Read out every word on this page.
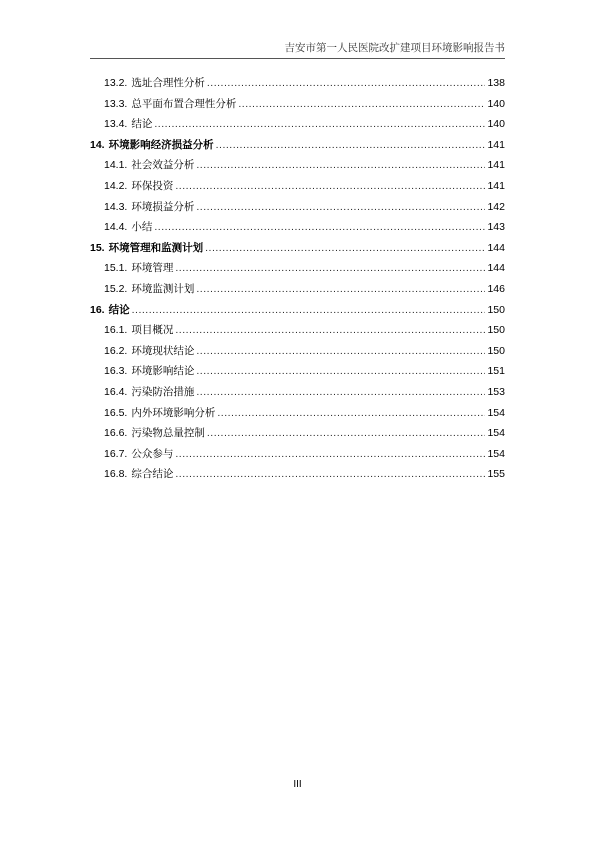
吉安市第一人民医院改扩建项目环境影响报告书
13.2. 选址合理性分析 .....	138
13.3. 总平面布置合理性分析 .....	140
13.4. 结论 .....	140
14. 环境影响经济损益分析 .....	141
14.1. 社会效益分析 .....	141
14.2. 环保投资 .....	141
14.3. 环境损益分析 .....	142
14.4. 小结 .....	143
15. 环境管理和监测计划 .....	144
15.1. 环境管理 .....	144
15.2. 环境监测计划 .....	146
16. 结论 .....	150
16.1. 项目概况 .....	150
16.2. 环境现状结论 .....	150
16.3. 环境影响结论 .....	151
16.4. 污染防治措施 .....	153
16.5. 内外环境影响分析 .....	154
16.6. 污染物总量控制 .....	154
16.7. 公众参与 .....	154
16.8. 综合结论 .....	155
III
